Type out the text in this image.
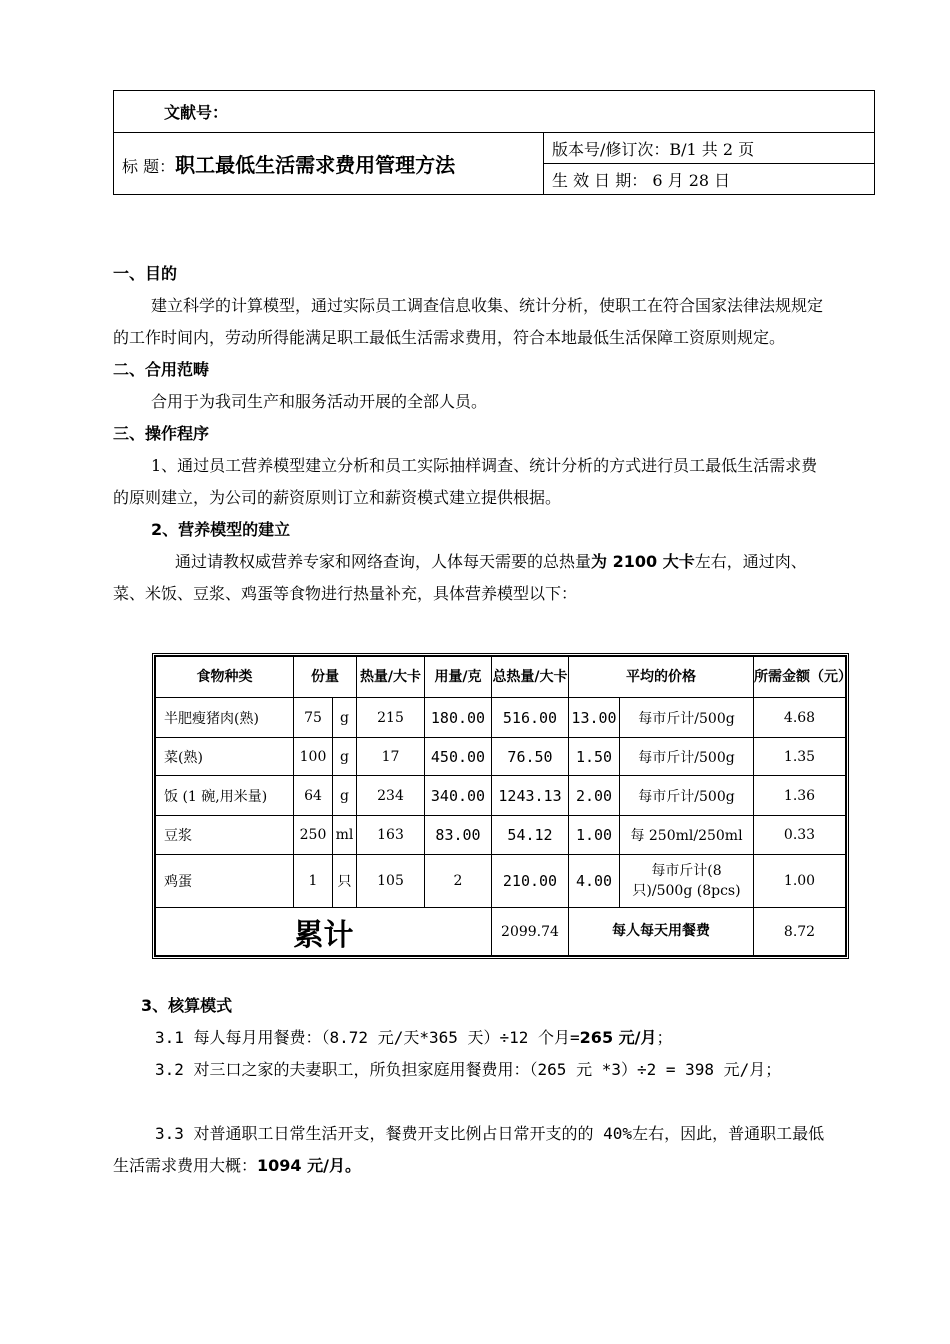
文献号：
标 题：职工最低生活需求费用管理方法	版本号/修订次：B/1 共 2 页
生 效 日 期： 6 月 28 日
一、目的
建立科学的计算模型，通过实际员工调查信息收集、统计分析，使职工在符合国家法律法规规定的工作时间内，劳动所得能满足职工最低生活需求费用，符合本地最低生活保障工资原则规定。
二、合用范畴
合用于为我司生产和服务活动开展的全部人员。
三、操作程序
1、通过员工营养模型建立分析和员工实际抽样调查、统计分析的方式进行员工最低生活需求费的原则建立，为公司的薪资原则订立和薪资模式建立提供根据。
2、营养模型的建立
通过请教权威营养专家和网络查询，人体每天需要的总热量为 2100 大卡左右，通过肉、菜、米饭、豆浆、鸡蛋等食物进行热量补充，具体营养模型以下：
食物种类	份量		热量/大卡	用量/克	总热量/大卡	平均的价格		所需金额（元）
半肥瘦猪肉(熟)	75	g	215	180.00	516.00	13.00	每市斤计/500g	4.68
菜(熟)	100	g	17	450.00	76.50	1.50	每市斤计/500g	1.35
饭 (1 碗,用米量)	64	g	234	340.00	1243.13	2.00	每市斤计/500g	1.36
豆浆	250	ml	163	83.00	54.12	1.00	每 250ml/250ml	0.33
鸡蛋	1	只	105	2	210.00	4.00	每市斤计(8 只)/500g (8pcs)	1.00
累计					2099.74	每人每天用餐费		8.72
3、核算模式
3.1 每人每月用餐费：（8.72 元/天*365 天）÷12 个月=265 元/月；
3.2 对三口之家的夫妻职工，所负担家庭用餐费用：（265 元 *3）÷2 = 398 元/月；
3.3 对普通职工日常生活开支，餐费开支比例占日常开支的的 40%左右，因此，普通职工最低生活需求费用大概：1094 元/月。
